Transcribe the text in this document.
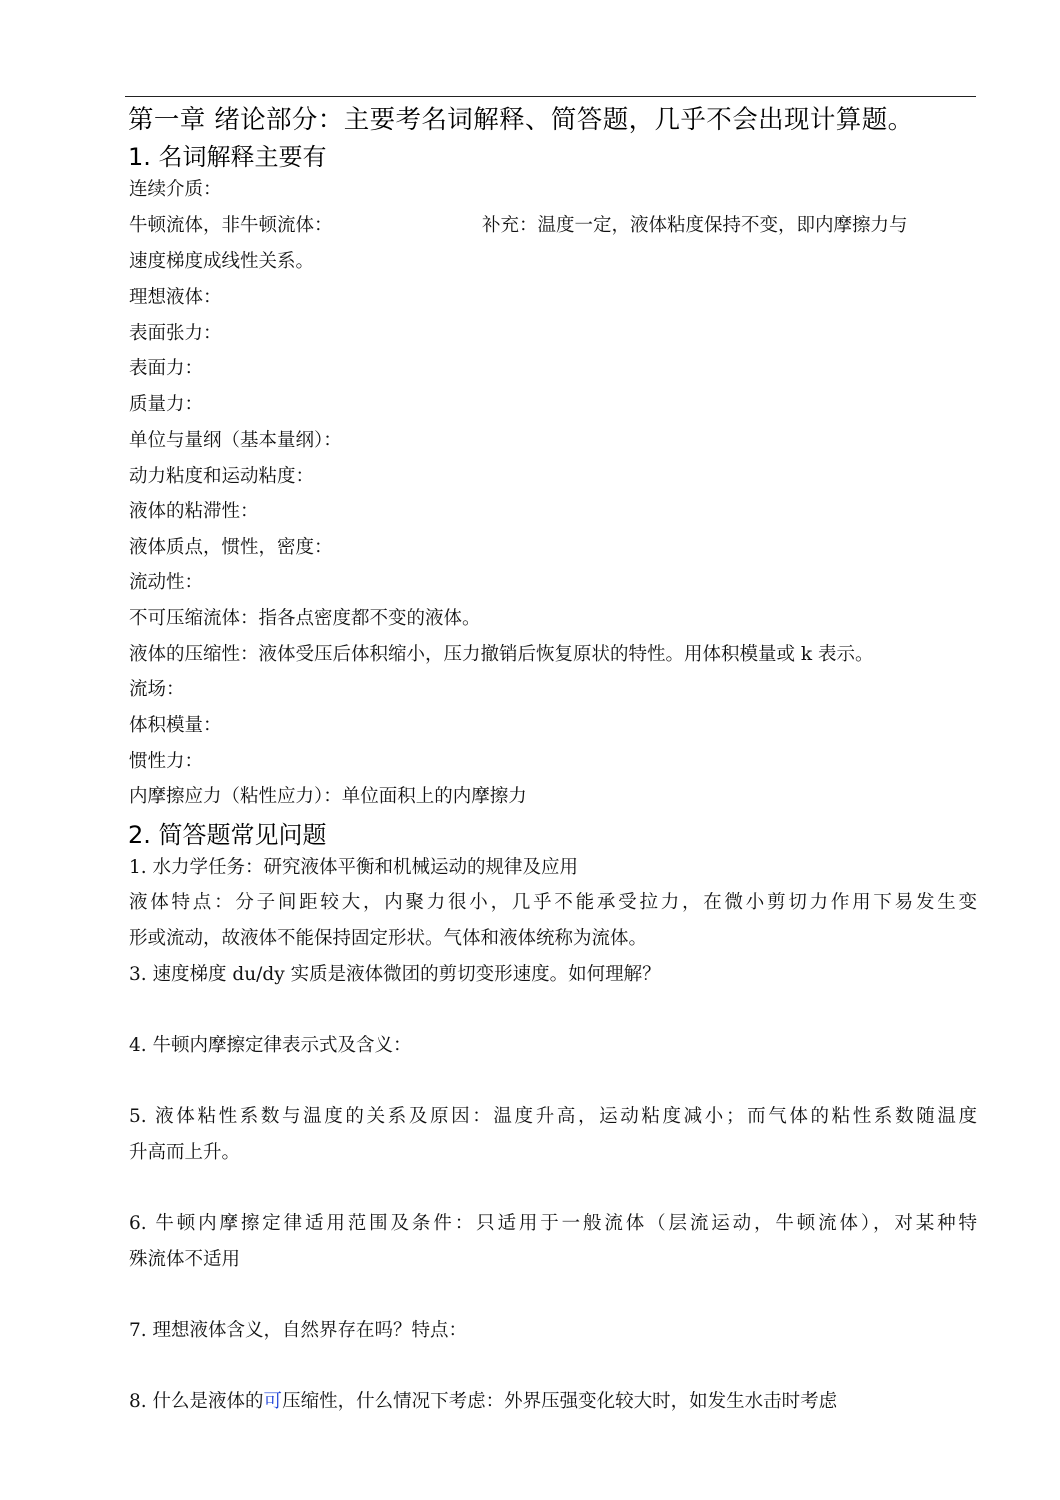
第一章 绪论部分：主要考名词解释、简答题，几乎不会出现计算题。
1. 名词解释主要有

连续介质：

牛顿流体，非牛顿流体：	补充：温度一定，液体粘度保持不变，即内摩擦力与

速度梯度成线性关系。

理想液体：

表面张力：

表面力：

质量力：

单位与量纲（基本量纲）：

动力粘度和运动粘度：

液体的粘滞性：

液体质点，惯性，密度：

流动性：

不可压缩流体：指各点密度都不变的液体。

液体的压缩性：液体受压后体积缩小，压力撤销后恢复原状的特性。用体积模量或 k 表示。

流场：

体积模量：

惯性力：

内摩擦应力（粘性应力）：单位面积上的内摩擦力

2. 简答题常见问题

1. 水力学任务：研究液体平衡和机械运动的规律及应用

液体特点：分子间距较大，内聚力很小，几乎不能承受拉力，在微小剪切力作用下易发生变

形或流动，故液体不能保持固定形状。气体和液体统称为流体。

3. 速度梯度 du/dy 实质是液体微团的剪切变形速度。如何理解？

4. 牛顿内摩擦定律表示式及含义：

5. 液体粘性系数与温度的关系及原因：温度升高，运动粘度减小；而气体的粘性系数随温度

升高而上升。

6. 牛顿内摩擦定律适用范围及条件：只适用于一般流体（层流运动，牛顿流体），对某种特

殊流体不适用

7. 理想液体含义，自然界存在吗？特点：

8. 什么是液体的可压缩性，什么情况下考虑：外界压强变化较大时，如发生水击时考虑
